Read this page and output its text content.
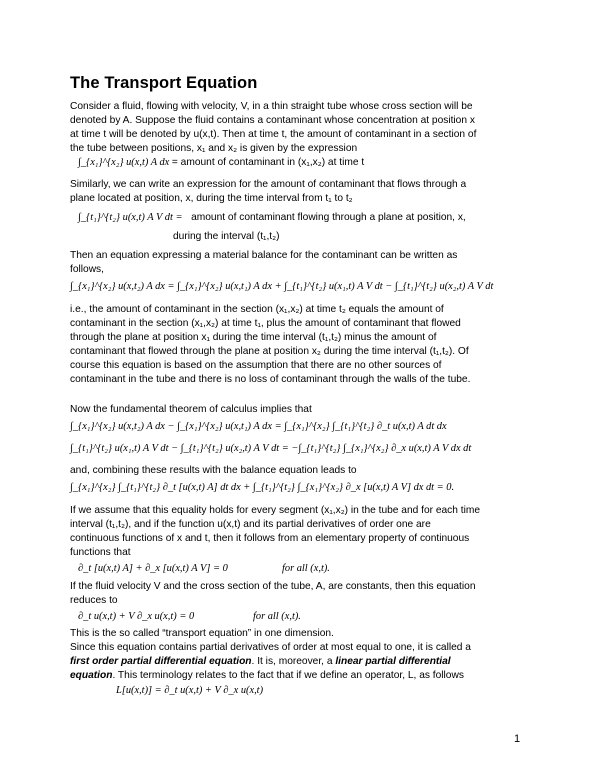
The Transport Equation
Consider a fluid, flowing with velocity, V, in a thin straight tube whose cross section will be
denoted by A. Suppose the fluid contains a contaminant whose concentration at position x
at time t will be denoted by u(x,t). Then at time t, the amount of contaminant in a section of
the tube between positions, x₁ and x₂ is given by the expression
∫_{x₁}^{x₂} u(x,t) A dx = amount of contaminant in (x₁,x₂) at time t
Similarly, we can write an expression for the amount of contaminant that flows through a
plane located at position, x, during the time interval from t₁ to t₂
∫_{t₁}^{t₂} u(x,t) A V dt = amount of contaminant flowing through a plane at position, x,
during the interval (t₁,t₂)
Then an equation expressing a material balance for the contaminant can be written as
follows,
∫_{x₁}^{x₂} u(x,t₂) A dx = ∫_{x₁}^{x₂} u(x,t₁) A dx + ∫_{t₁}^{t₂} u(x₁,t) A V dt − ∫_{t₁}^{t₂} u(x₂,t) A V dt
i.e., the amount of contaminant in the section (x₁,x₂) at time t₂ equals the amount of
contaminant in the section (x₁,x₂) at time t₁, plus the amount of contaminant that flowed
through the plane at position x₁ during the time interval (t₁,t₂) minus the amount of
contaminant that flowed through the plane at position x₂ during the time interval (t₁,t₂). Of
course this equation is based on the assumption that there are no other sources of
contaminant in the tube and there is no loss of contaminant through the walls of the tube.
Now the fundamental theorem of calculus implies that
∫_{x₁}^{x₂} u(x,t₂) A dx − ∫_{x₁}^{x₂} u(x,t₁) A dx = ∫_{x₁}^{x₂} ∫_{t₁}^{t₂} ∂_t u(x,t) A dt dx
∫_{t₁}^{t₂} u(x₁,t) A V dt − ∫_{t₁}^{t₂} u(x₂,t) A V dt = −∫_{t₁}^{t₂} ∫_{x₁}^{x₂} ∂_x u(x,t) A V dx dt
and, combining these results with the balance equation leads to
∫_{x₁}^{x₂} ∫_{t₁}^{t₂} ∂_t [u(x,t) A] dt dx + ∫_{t₁}^{t₂} ∫_{x₁}^{x₂} ∂_x [u(x,t) A V] dx dt = 0.
If we assume that this equality holds for every segment (x₁,x₂) in the tube and for each time
interval (t₁,t₂), and if the function u(x,t) and its partial derivatives of order one are
continuous functions of x and t, then it follows from an elementary property of continuous
functions that
∂_t [u(x,t) A] + ∂_x [u(x,t) A V] = 0	for all (x,t).
If the fluid velocity V and the cross section of the tube, A, are constants, then this equation
reduces to
∂_t u(x,t) + V ∂_x u(x,t) = 0	for all (x,t).
This is the so called “transport equation” in one dimension.
Since this equation contains partial derivatives of order at most equal to one, it is called a
first order partial differential equation. It is, moreover, a linear partial differential
equation. This terminology relates to the fact that if we define an operator, L, as follows
L[u(x,t)] = ∂_t u(x,t) + V ∂_x u(x,t)
1
